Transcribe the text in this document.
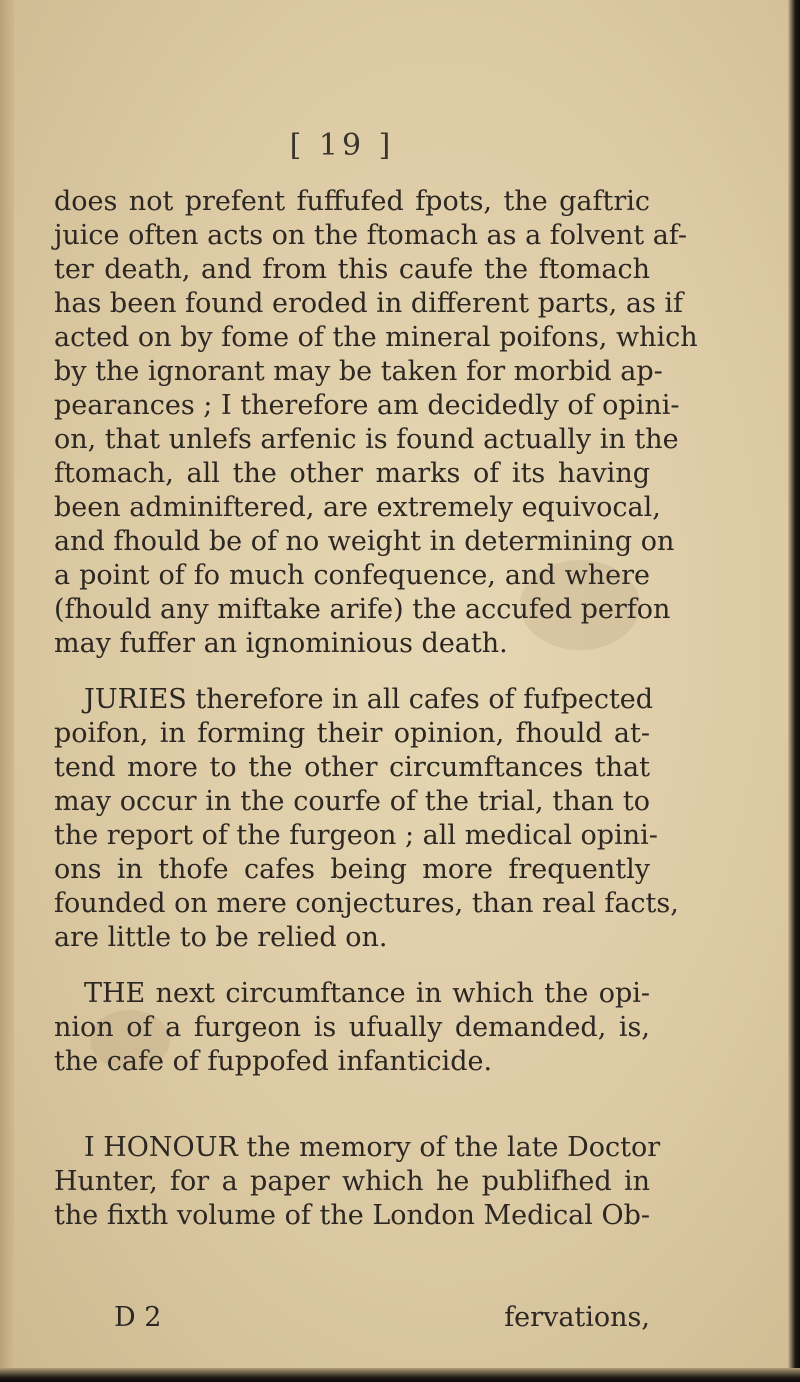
[ 19 ]
does not prefent fuffufed fpots, the gaftric
juice often acts on the ftomach as a folvent af-
ter death, and from this caufe the ftomach
has been found eroded in different parts, as if
acted on by fome of the mineral poifons, which
by the ignorant may be taken for morbid ap-
pearances ; I therefore am decidedly of opini-
on, that unlefs arfenic is found actually in the
ftomach, all the other marks of its having
been adminiftered, are extremely equivocal,
and fhould be of no weight in determining on
a point of fo much confequence, and where
(fhould any miftake arife) the accufed perfon
may fuffer an ignominious death.
JURIES therefore in all cafes of fufpected
poifon, in forming their opinion, fhould at-
tend more to the other circumftances that
may occur in the courfe of the trial, than to
the report of the furgeon ; all medical opini-
ons in thofe cafes being more frequently
founded on mere conjectures, than real facts,
are little to be relied on.
THE next circumftance in which the opi-
nion of a furgeon is ufually demanded, is,
the cafe of fuppofed infanticide.
I HONOUR the memory of the late Doctor
Hunter, for a paper which he publifhed in
the fixth volume of the London Medical Ob-
D 2	fervations,
